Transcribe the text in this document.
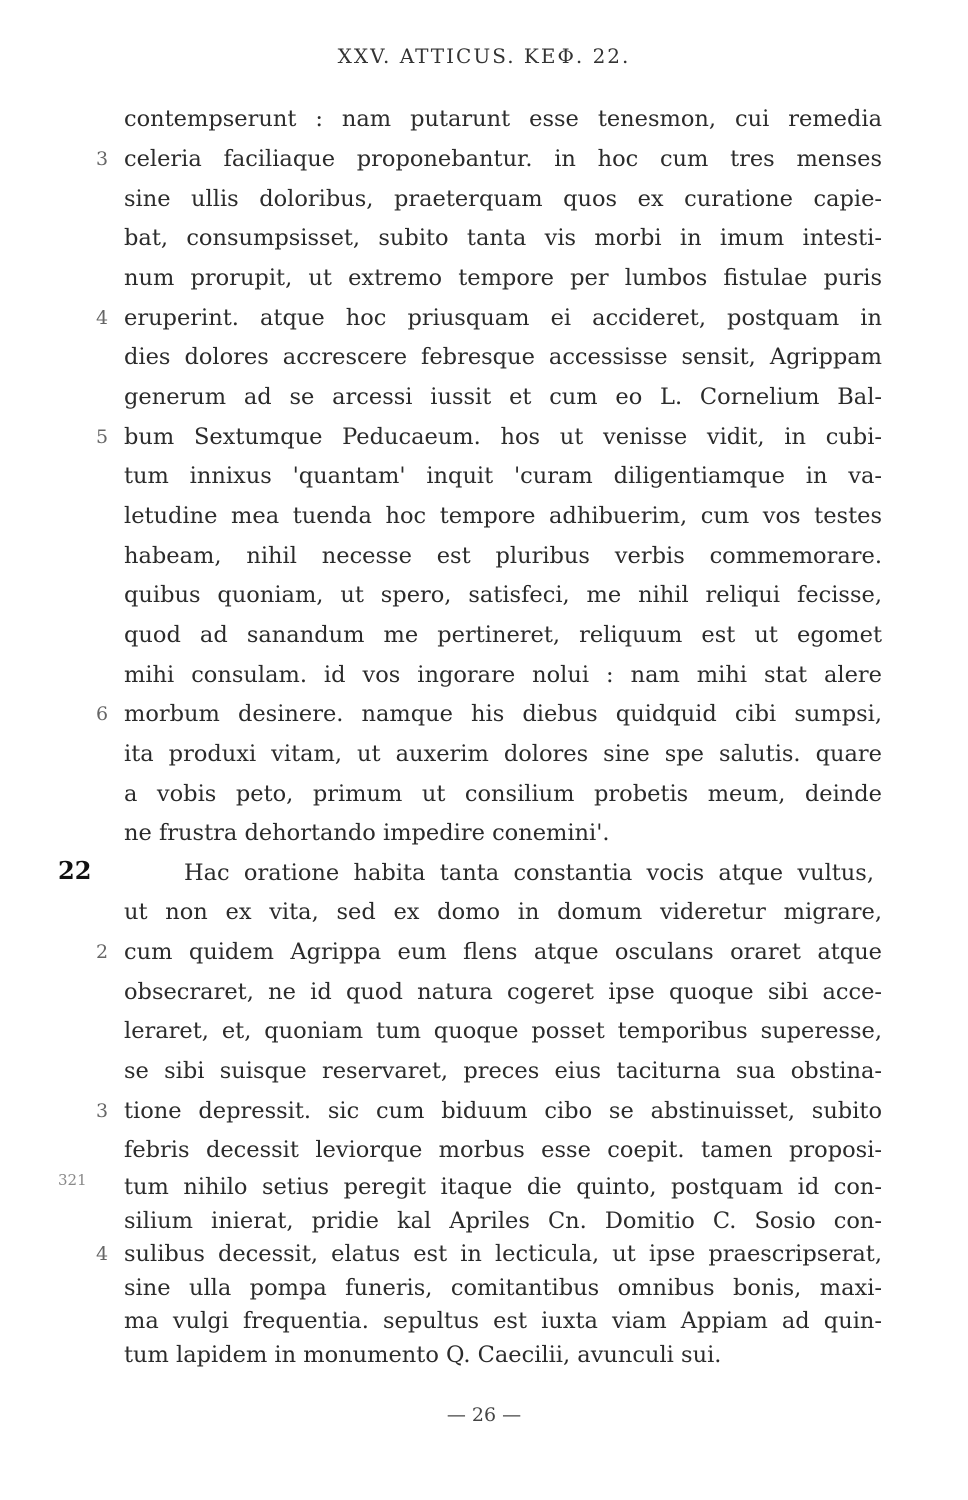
XXV. ATTICUS. ΚΕΦ. 22.
contempserunt : nam putarunt esse tenesmon, cui remedia
celeria faciliaque proponebantur. in hoc cum tres menses
sine ullis doloribus, praeterquam quos ex curatione capie-
bat, consumpsisset, subito tanta vis morbi in imum intesti-
num prorupit, ut extremo tempore per lumbos fistulae puris
eruperint. atque hoc priusquam ei accideret, postquam in
dies dolores accrescere febresque accessisse sensit, Agrippam
generum ad se arcessi iussit et cum eo L. Cornelium Bal-
bum Sextumque Peducaeum. hos ut venisse vidit, in cubi-
tum innixus 'quantam' inquit 'curam diligentiamque in va-
letudine mea tuenda hoc tempore adhibuerim, cum vos testes
habeam, nihil necesse est pluribus verbis commemorare.
quibus quoniam, ut spero, satisfeci, me nihil reliqui fecisse,
quod ad sanandum me pertineret, reliquum est ut egomet
mihi consulam. id vos ingorare nolui : nam mihi stat alere
morbum desinere. namque his diebus quidquid cibi sumpsi,
ita produxi vitam, ut auxerim dolores sine spe salutis. quare
a vobis peto, primum ut consilium probetis meum, deinde
ne frustra dehortando impedire conemini'.
22	Hac oratione habita tanta constantia vocis atque vultus,
ut non ex vita, sed ex domo in domum videretur migrare,
cum quidem Agrippa eum flens atque osculans oraret atque
obsecraret, ne id quod natura cogeret ipse quoque sibi acce-
leraret, et, quoniam tum quoque posset temporibus superesse,
se sibi suisque reservaret, preces eius taciturna sua obstina-
tione depressit. sic cum biduum cibo se abstinuisset, subito
febris decessit leviorque morbus esse coepit. tamen proposi-
tum nihilo setius peregit itaque die quinto, postquam id con-
silium inierat, pridie kal Apriles Cn. Domitio C. Sosio con-
sulibus decessit, elatus est in lecticula, ut ipse praescripserat,
sine ulla pompa funeris, comitantibus omnibus bonis, maxi-
ma vulgi frequentia. sepultus est iuxta viam Appiam ad quin-
tum lapidem in monumento Q. Caecilii, avunculi sui.
3
4
5
6
2
3
4
321
— 26 —
